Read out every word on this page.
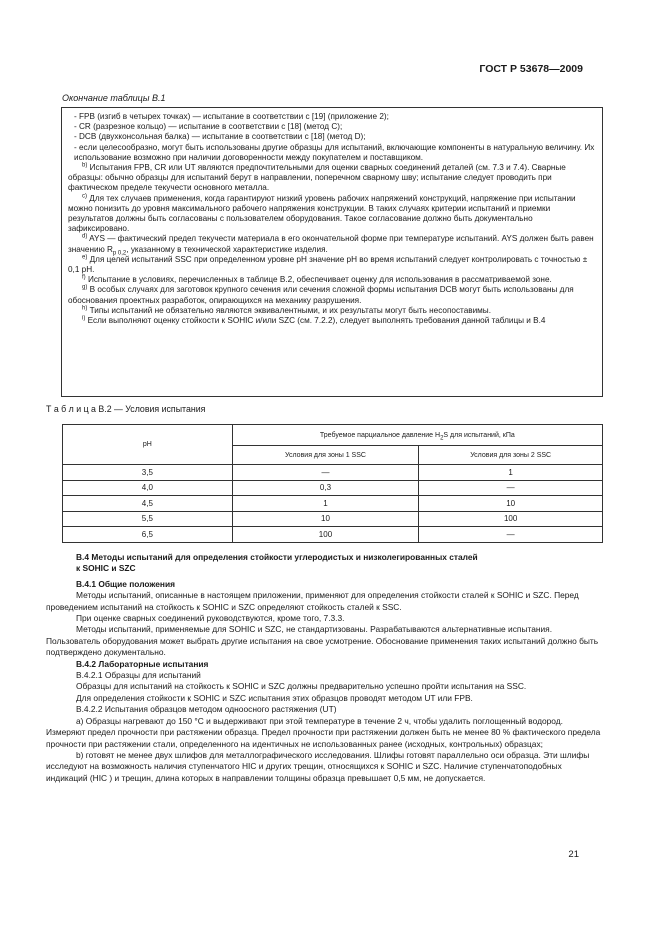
ГОСТ Р 53678—2009
Окончание таблицы В.1

- FPB (изгиб в четырех точках) — испытание в соответствии с [19] (приложение 2);

- CR (разрезное кольцо) — испытание в соответствии с [18] (метод С);

- DCB (двухконсольная балка) — испытание в соответствии с [18] (метод D);

- если целесообразно, могут быть использованы другие образцы для испытаний, включающие компоненты в натуральную величину. Их использование возможно при наличии договоренности между покупателем и поставщиком.

$^{b)}$ Испытания FPB, CR или UT являются предпочтительными для оценки сварных соединений деталей (см. 7.3 и 7.4). Сварные образцы: обычно образцы для испытаний берут в направлении, поперечном сварному шву; испытание следует проводить при фактическом пределе текучести основного металла.

$^{c)}$ Для тех случаев применения, когда гарантируют низкий уровень рабочих напряжений конструкций, напряжение при испытании можно понизить до уровня максимального рабочего напряжения конструкции. В таких случаях критерии испытаний и приемки результатов должны быть согласованы с пользователем оборудования. Такое согласование должно быть документально зафиксировано.

$^{d)}$ AYS — фактический предел текучести материала в его окончательной форме при температуре испытаний. AYS должен быть равен значению $R_{p 0,2}$, указанному в технической характеристике изделия.

$^{e)}$ Для целей испытаний SSC при определенном уровне pH значение pH во время испытаний следует контролировать с точностью ± 0,1 pH.

$^{f)}$ Испытание в условиях, перечисленных в таблице В.2, обеспечивает оценку для использования в рассматриваемой зоне.

$^{g)}$ В особых случаях для заготовок крупного сечения или сечения сложной формы испытания DCB могут быть использованы для обоснования проектных разработок, опирающихся на механику разрушения.

$^{h)}$ Типы испытаний не обязательно являются эквивалентными, и их результаты могут быть несопоставимы.

$^{i)}$ Если выполняют оценку стойкости к SOHIC и/или SZC (см. 7.2.2), следует выполнять требования данной таблицы и В.4

Т а б л и ц а В.2 — Условия испытания
pH	Требуемое парциальное давление $H_2S$ для испытаний, кПа	
	Условия для зоны 1 SSC	Условия для зоны 2 SSC
3,5	—	1
4,0	0,3	—
4,5	1	10
5,5	10	100
6,5	100	—

В.4 Методы испытаний для определения стойкости углеродистых и низколегированных сталей

к SOHIC и SZC

В.4.1 Общие положения

Методы испытаний, описанные в настоящем приложении, применяют для определения стойкости сталей к SOHIC и SZC. Перед проведением испытаний на стойкость к SOHIC и SZC определяют стойкость сталей к SSC.

При оценке сварных соединений руководствуются, кроме того, 7.3.3.

Методы испытаний, применяемые для SOHIC и SZC, не стандартизованы. Разрабатываются альтернативные испытания. Пользователь оборудования может выбрать другие испытания на свое усмотрение. Обоснование применения таких испытаний должно быть подтверждено документально.

В.4.2 Лабораторные испытания

В.4.2.1 Образцы для испытаний

Образцы для испытаний на стойкость к SOHIC и SZC должны предварительно успешно пройти испытания на SSC.

Для определения стойкости к SOHIC и SZC испытания этих образцов проводят методом UT или FPB.

В.4.2.2 Испытания образцов методом одноосного растяжения (UT)

а) Образцы нагревают до 150 °С и выдерживают при этой температуре в течение 2 ч, чтобы удалить поглощенный водород. Измеряют предел прочности при растяжении образца. Предел прочности при растяжении должен быть не менее 80 % фактического предела прочности при растяжении стали, определенного на идентичных не использованных ранее (исходных, контрольных) образцах;

b) готовят не менее двух шлифов для металлографического исследования. Шлифы готовят параллельно оси образца. Эти шлифы исследуют на возможность наличия ступенчатого HIC и других трещин, относящихся к SOHIC и SZC. Наличие ступенчатоподобных индикаций (HIC ) и трещин, длина которых в направлении толщины образца превышает 0,5 мм, не допускается.

21
